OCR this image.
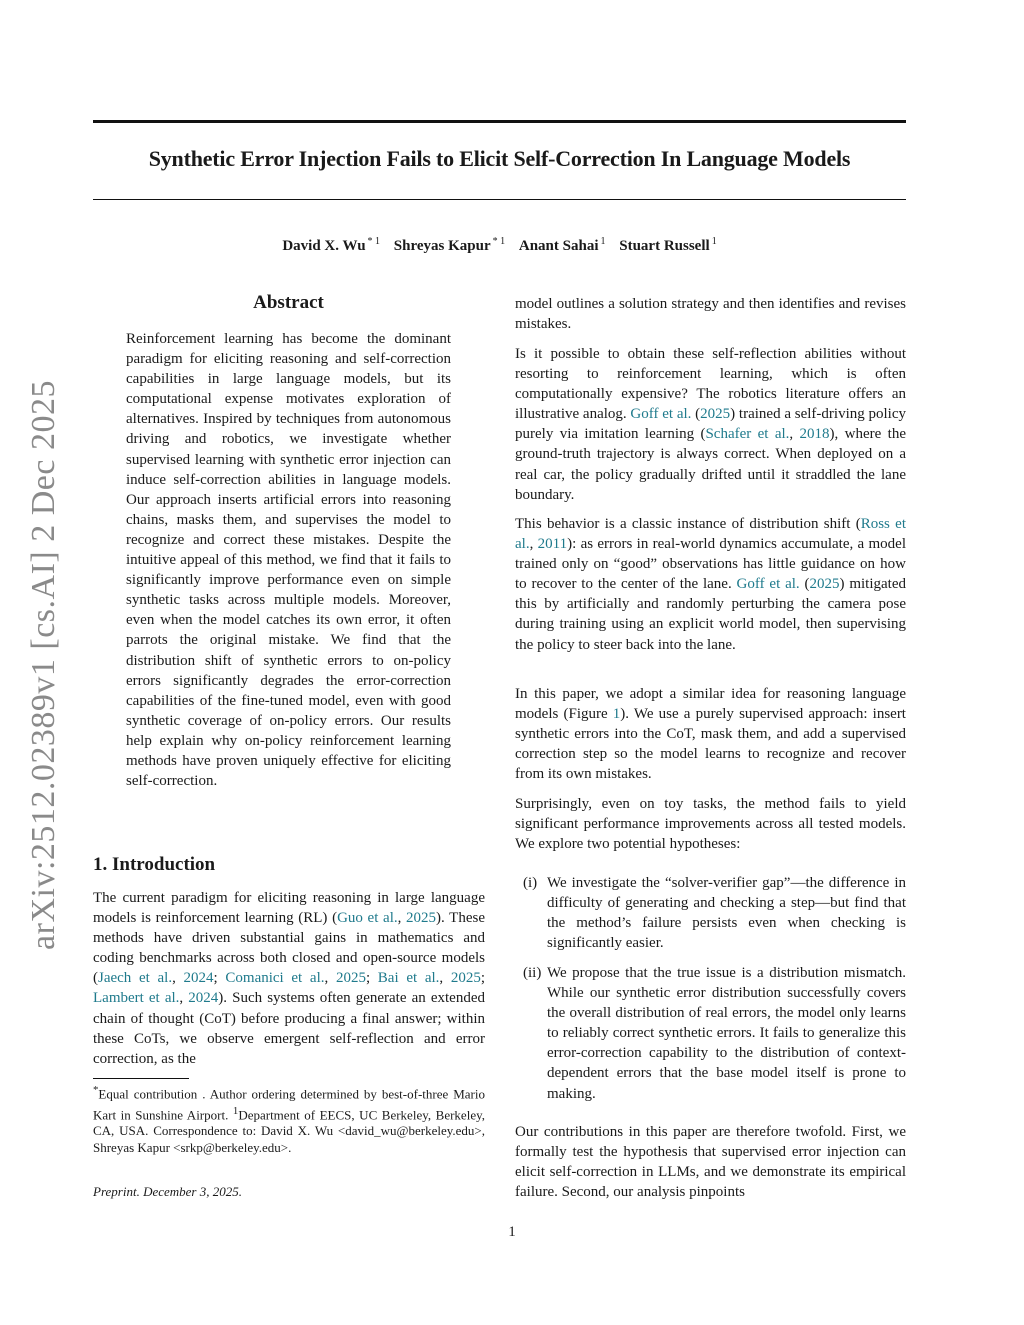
arXiv:2512.02389v1 [cs.AI] 2 Dec 2025
Synthetic Error Injection Fails to Elicit Self-Correction In Language Models
David X. Wu $^{* 1}$ Shreyas Kapur $^{* 1}$ Anant Sahai $^1$ Stuart Russell $^1$
Abstract

Reinforcement learning has become the dominant paradigm for eliciting reasoning and self-correction capabilities in large language models, but its computational expense motivates exploration of alternatives. Inspired by techniques from autonomous driving and robotics, we investigate whether supervised learning with synthetic error injection can induce self-correction abilities in language models. Our approach inserts artificial errors into reasoning chains, masks them, and supervises the model to recognize and correct these mistakes. Despite the intuitive appeal of this method, we find that it fails to significantly improve performance even on simple synthetic tasks across multiple models. Moreover, even when the model catches its own error, it often parrots the original mistake. We find that the distribution shift of synthetic errors to on-policy errors significantly degrades the error-correction capabilities of the fine-tuned model, even with good synthetic coverage of on-policy errors. Our results help explain why on-policy reinforcement learning methods have proven uniquely effective for eliciting self-correction.

1. Introduction

The current paradigm for eliciting reasoning in large language models is reinforcement learning (RL) (Guo et al., 2025). These methods have driven substantial gains in mathematics and coding benchmarks across both closed and open-source models (Jaech et al., 2024; Comanici et al., 2025; Bai et al., 2025; Lambert et al., 2024). Such systems often generate an extended chain of thought (CoT) before producing a final answer; within these CoTs, we observe emergent self-reflection and error correction, as the

*Equal contribution . Author ordering determined by best-of-three Mario Kart in Sunshine Airport. $^1$Department of EECS, UC Berkeley, Berkeley, CA, USA. Correspondence to: David X. Wu <david_wu@berkeley.edu>, Shreyas Kapur <srkp@berkeley.edu>.

Preprint. December 3, 2025.

model outlines a solution strategy and then identifies and revises mistakes.

Is it possible to obtain these self-reflection abilities without resorting to reinforcement learning, which is often computationally expensive? The robotics literature offers an illustrative analog. Goff et al. (2025) trained a self-driving policy purely via imitation learning (Schafer et al., 2018), where the ground-truth trajectory is always correct. When deployed on a real car, the policy gradually drifted until it straddled the lane boundary.

This behavior is a classic instance of distribution shift (Ross et al., 2011): as errors in real-world dynamics accumulate, a model trained only on “good” observations has little guidance on how to recover to the center of the lane. Goff et al. (2025) mitigated this by artificially and randomly perturbing the camera pose during training using an explicit world model, then supervising the policy to steer back into the lane.

In this paper, we adopt a similar idea for reasoning language models (Figure 1). We use a purely supervised approach: insert synthetic errors into the CoT, mask them, and add a supervised correction step so the model learns to recognize and recover from its own mistakes.

Surprisingly, even on toy tasks, the method fails to yield significant performance improvements across all tested models. We explore two potential hypotheses:

(i) We investigate the “solver-verifier gap”—the difference in difficulty of generating and checking a step—but find that the method’s failure persists even when checking is significantly easier.

(ii) We propose that the true issue is a distribution mismatch. While our synthetic error distribution successfully covers the overall distribution of real errors, the model only learns to reliably correct synthetic errors. It fails to generalize this error-correction capability to the distribution of context-dependent errors that the base model itself is prone to making.

Our contributions in this paper are therefore twofold. First, we formally test the hypothesis that supervised error injection can elicit self-correction in LLMs, and we demonstrate its empirical failure. Second, our analysis pinpoints

1
